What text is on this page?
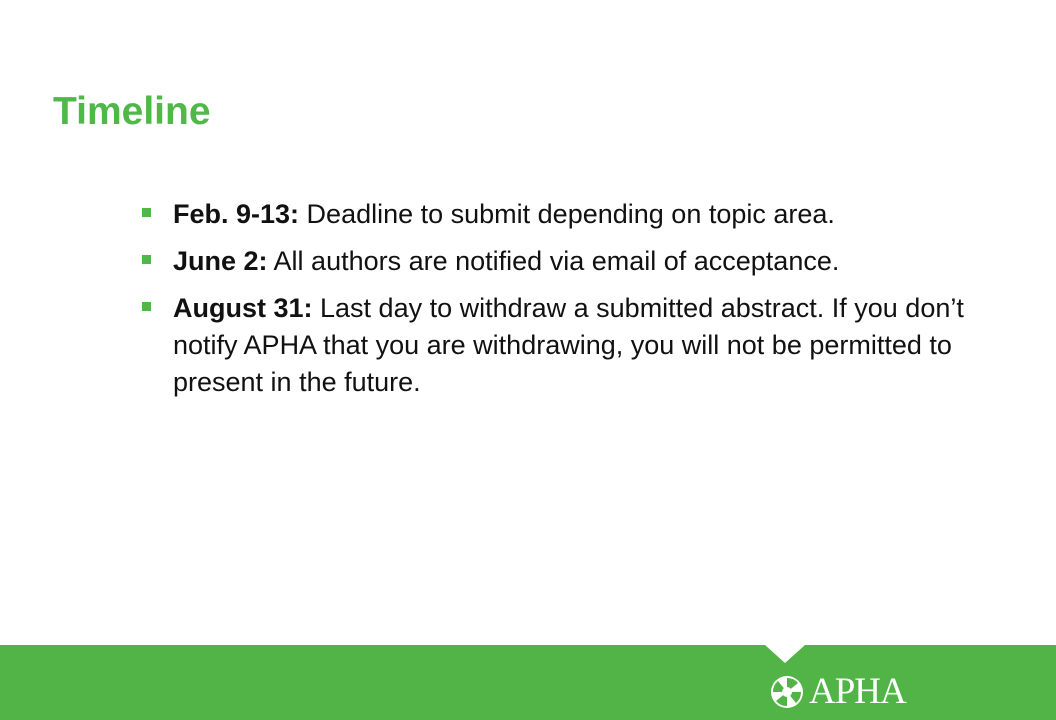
Timeline
Feb. 9-13: Deadline to submit depending on topic area.
June 2: All authors are notified via email of acceptance.
August 31: Last day to withdraw a submitted abstract. If you don’t notify APHA that you are withdrawing, you will not be permitted to present in the future.
APHA
